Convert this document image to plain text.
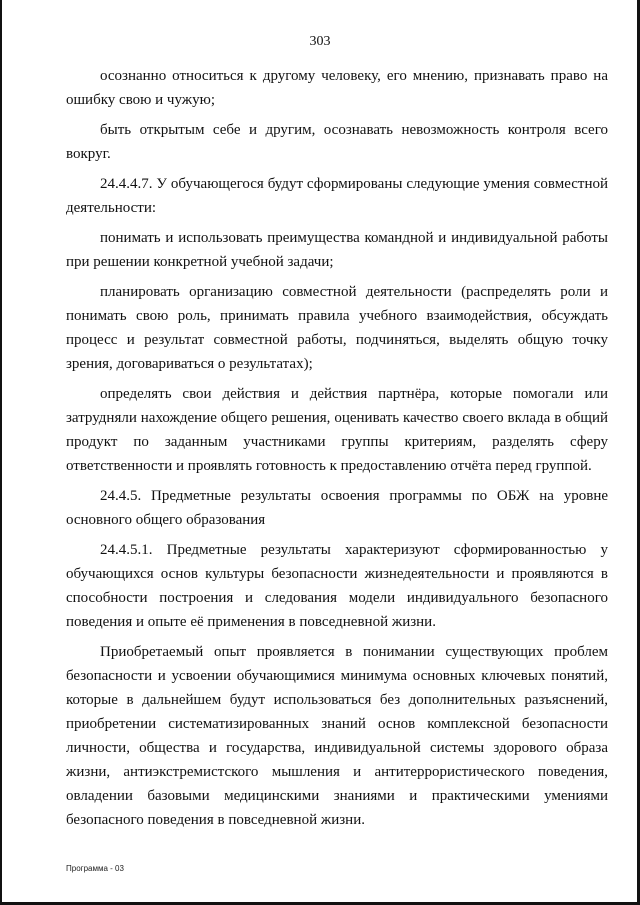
303

осознанно относиться к другому человеку, его мнению, признавать право на ошибку свою и чужую;

быть открытым себе и другим, осознавать невозможность контроля всего вокруг.

24.4.4.7. У обучающегося будут сформированы следующие умения совместной деятельности:

понимать и использовать преимущества командной и индивидуальной работы при решении конкретной учебной задачи;

планировать организацию совместной деятельности (распределять роли и понимать свою роль, принимать правила учебного взаимодействия, обсуждать процесс и результат совместной работы, подчиняться, выделять общую точку зрения, договариваться о результатах);

определять свои действия и действия партнёра, которые помогали или затрудняли нахождение общего решения, оценивать качество своего вклада в общий продукт по заданным участниками группы критериям, разделять сферу ответственности и проявлять готовность к предоставлению отчёта перед группой.

24.4.5. Предметные результаты освоения программы по ОБЖ на уровне основного общего образования

24.4.5.1. Предметные результаты характеризуют сформированностью у обучающихся основ культуры безопасности жизнедеятельности и проявляются в способности построения и следования модели индивидуального безопасного поведения и опыте её применения в повседневной жизни.

Приобретаемый опыт проявляется в понимании существующих проблем безопасности и усвоении обучающимися минимума основных ключевых понятий, которые в дальнейшем будут использоваться без дополнительных разъяснений, приобретении систематизированных знаний основ комплексной безопасности личности, общества и государства, индивидуальной системы здорового образа жизни, антиэкстремистского мышления и антитеррористического поведения, овладении базовыми медицинскими знаниями и практическими умениями безопасного поведения в повседневной жизни.

Программа - 03
